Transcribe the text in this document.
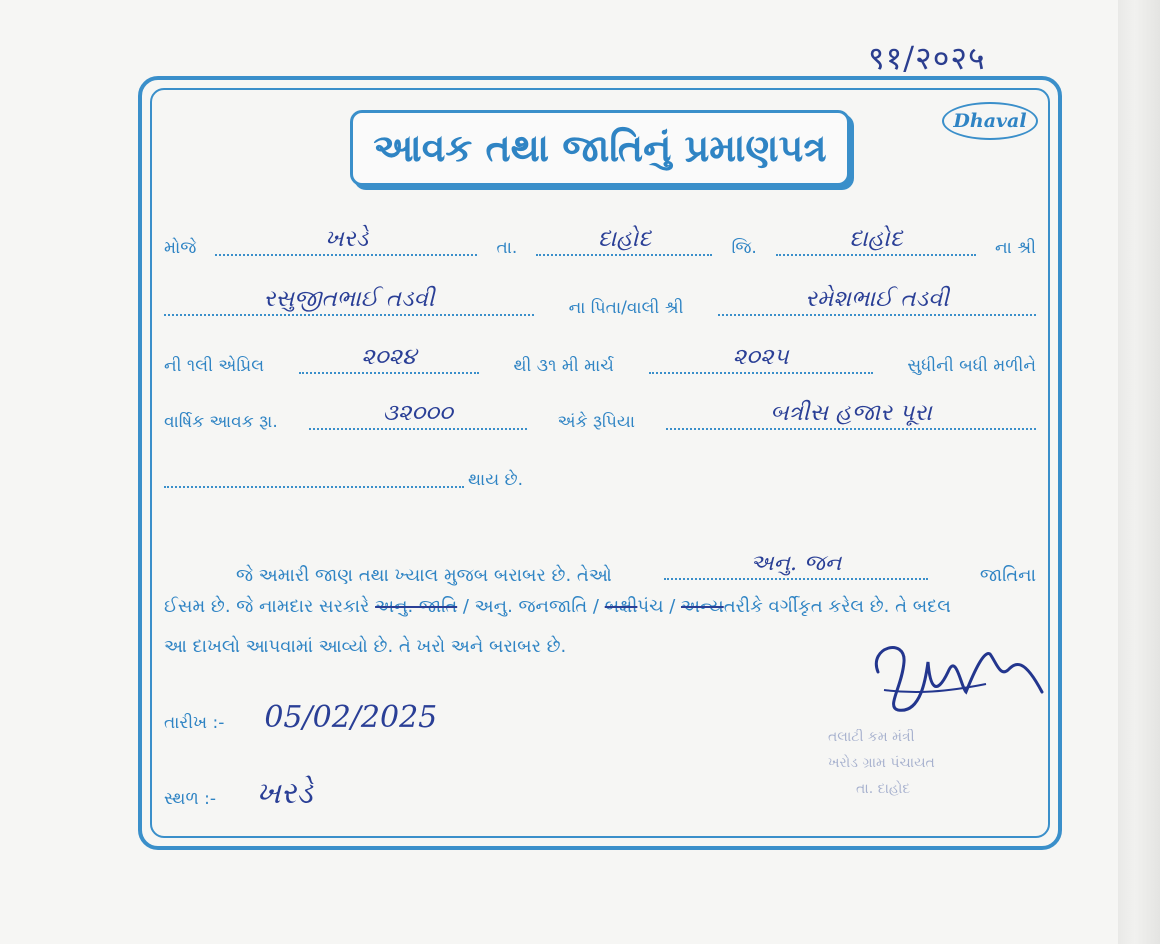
९१/२०२५
આવક તથા જાતિનું પ્રમાણપત્ર
Dhaval
મોજે	ખરડે	તા.	દાહોદ	જિ.	દાહોદ	ના શ્રી
રસુજીતભાઈ તડવી	ના પિતા/વાલી શ્રી	રમેશભાઈ તડવી
ની ૧લી એપ્રિલ	૨૦૨૪	થી ૩૧ મી માર્ચ	૨૦૨૫	સુધીની બધી મળીને
વાર્ષિક આવક રૂા.	૩૨૦૦૦	અંકે રૂપિયા	બત્રીસ હજાર પૂરા
થાય છે.
જે અમારી જાણ તથા ખ્યાલ મુજબ બરાબર છે. તેઓ	અનુ. જન	જાતિના
ઈસમ છે. જે નામદાર સરકારે અનુ. જાતિ / અનુ. જનજાતિ / બક્ષીપંચ / અન્યતરીકે વર્ગીકૃત કરેલ છે. તે બદલ
આ દાખલો આપવામાં આવ્યો છે. તે ખરો અને બરાબર છે.
તારીખ :- 05/02/2025
સ્થળ :- ખરડે
તલાટી કમ મંત્રી
ખરોડ ગ્રામ પંચાયત
તા. દાહોદ
